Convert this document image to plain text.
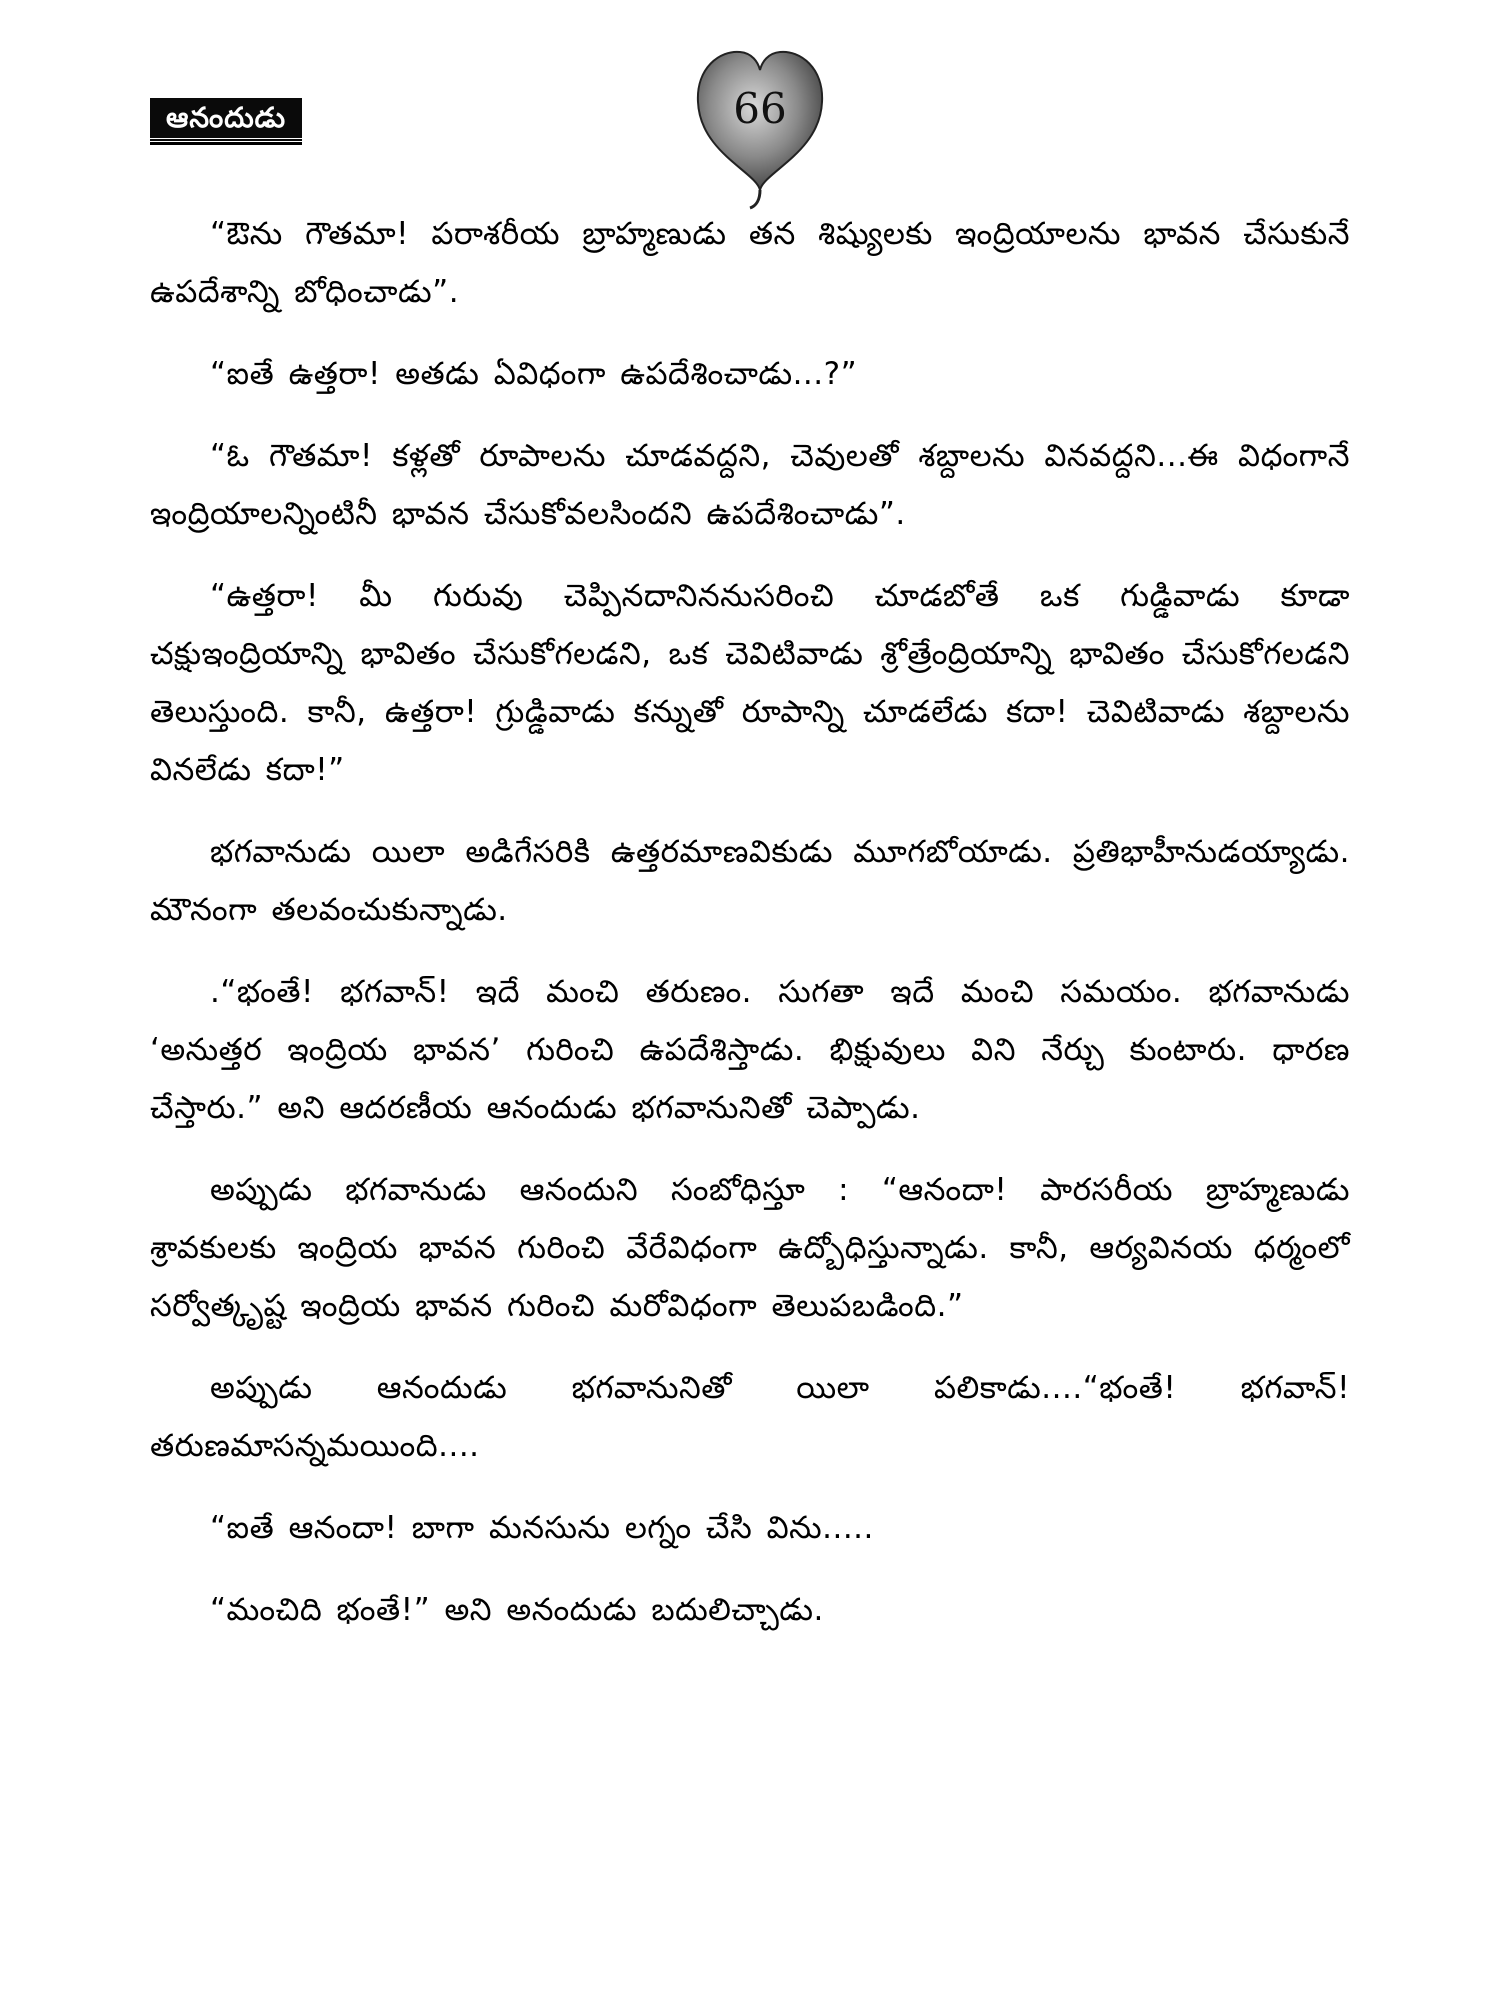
ఆనందుడు	66

“ఔను గౌతమా! పరాశరీయ బ్రాహ్మణుడు తన శిష్యులకు ఇంద్రియాలను భావన చేసుకునే ఉపదేశాన్ని బోధించాడు”.

“ఐతే ఉత్తరా! అతడు ఏవిధంగా ఉపదేశించాడు...?”

“ఓ గౌతమా! కళ్లతో రూపాలను చూడవద్దని, చెవులతో శబ్దాలను వినవద్దని...ఈ విధంగానే ఇంద్రియాలన్నింటినీ భావన చేసుకోవలసిందని ఉపదేశించాడు”.

“ఉత్తరా! మీ గురువు చెప్పినదానిననుసరించి చూడబోతే ఒక గుడ్డివాడు కూడా చక్షుఇంద్రియాన్ని భావితం చేసుకోగలడని, ఒక చెవిటివాడు శ్రోత్రేంద్రియాన్ని భావితం చేసుకోగలడని తెలుస్తుంది. కానీ, ఉత్తరా! గ్రుడ్డివాడు కన్నుతో రూపాన్ని చూడలేడు కదా! చెవిటివాడు శబ్దాలను వినలేడు కదా!”

భగవానుడు యిలా అడిగేసరికి ఉత్తరమాణవికుడు మూగబోయాడు. ప్రతిభాహీనుడయ్యాడు. మౌనంగా తలవంచుకున్నాడు.

.“భంతే! భగవాన్! ఇదే మంచి తరుణం. సుగతా ఇదే మంచి సమయం. భగవానుడు ‘అనుత్తర ఇంద్రియ భావన’ గురించి ఉపదేశిస్తాడు. భిక్షువులు విని నేర్చు కుంటారు. ధారణ చేస్తారు.” అని ఆదరణీయ ఆనందుడు భగవానునితో చెప్పాడు.

అప్పుడు భగవానుడు ఆనందుని సంబోధిస్తూ : “ఆనందా! పారసరీయ బ్రాహ్మణుడు శ్రావకులకు ఇంద్రియ భావన గురించి వేరేవిధంగా ఉద్బోధిస్తున్నాడు. కానీ, ఆర్యవినయ ధర్మంలో సర్వోత్కృష్ట ఇంద్రియ భావన గురించి మరోవిధంగా తెలుపబడింది.”

అప్పుడు ఆనందుడు భగవానునితో యిలా పలికాడు....“భంతే! భగవాన్! తరుణమాసన్నమయింది....

“ఐతే ఆనందా! బాగా మనసును లగ్నం చేసి విను.....

“మంచిది భంతే!” అని అనందుడు బదులిచ్చాడు.
